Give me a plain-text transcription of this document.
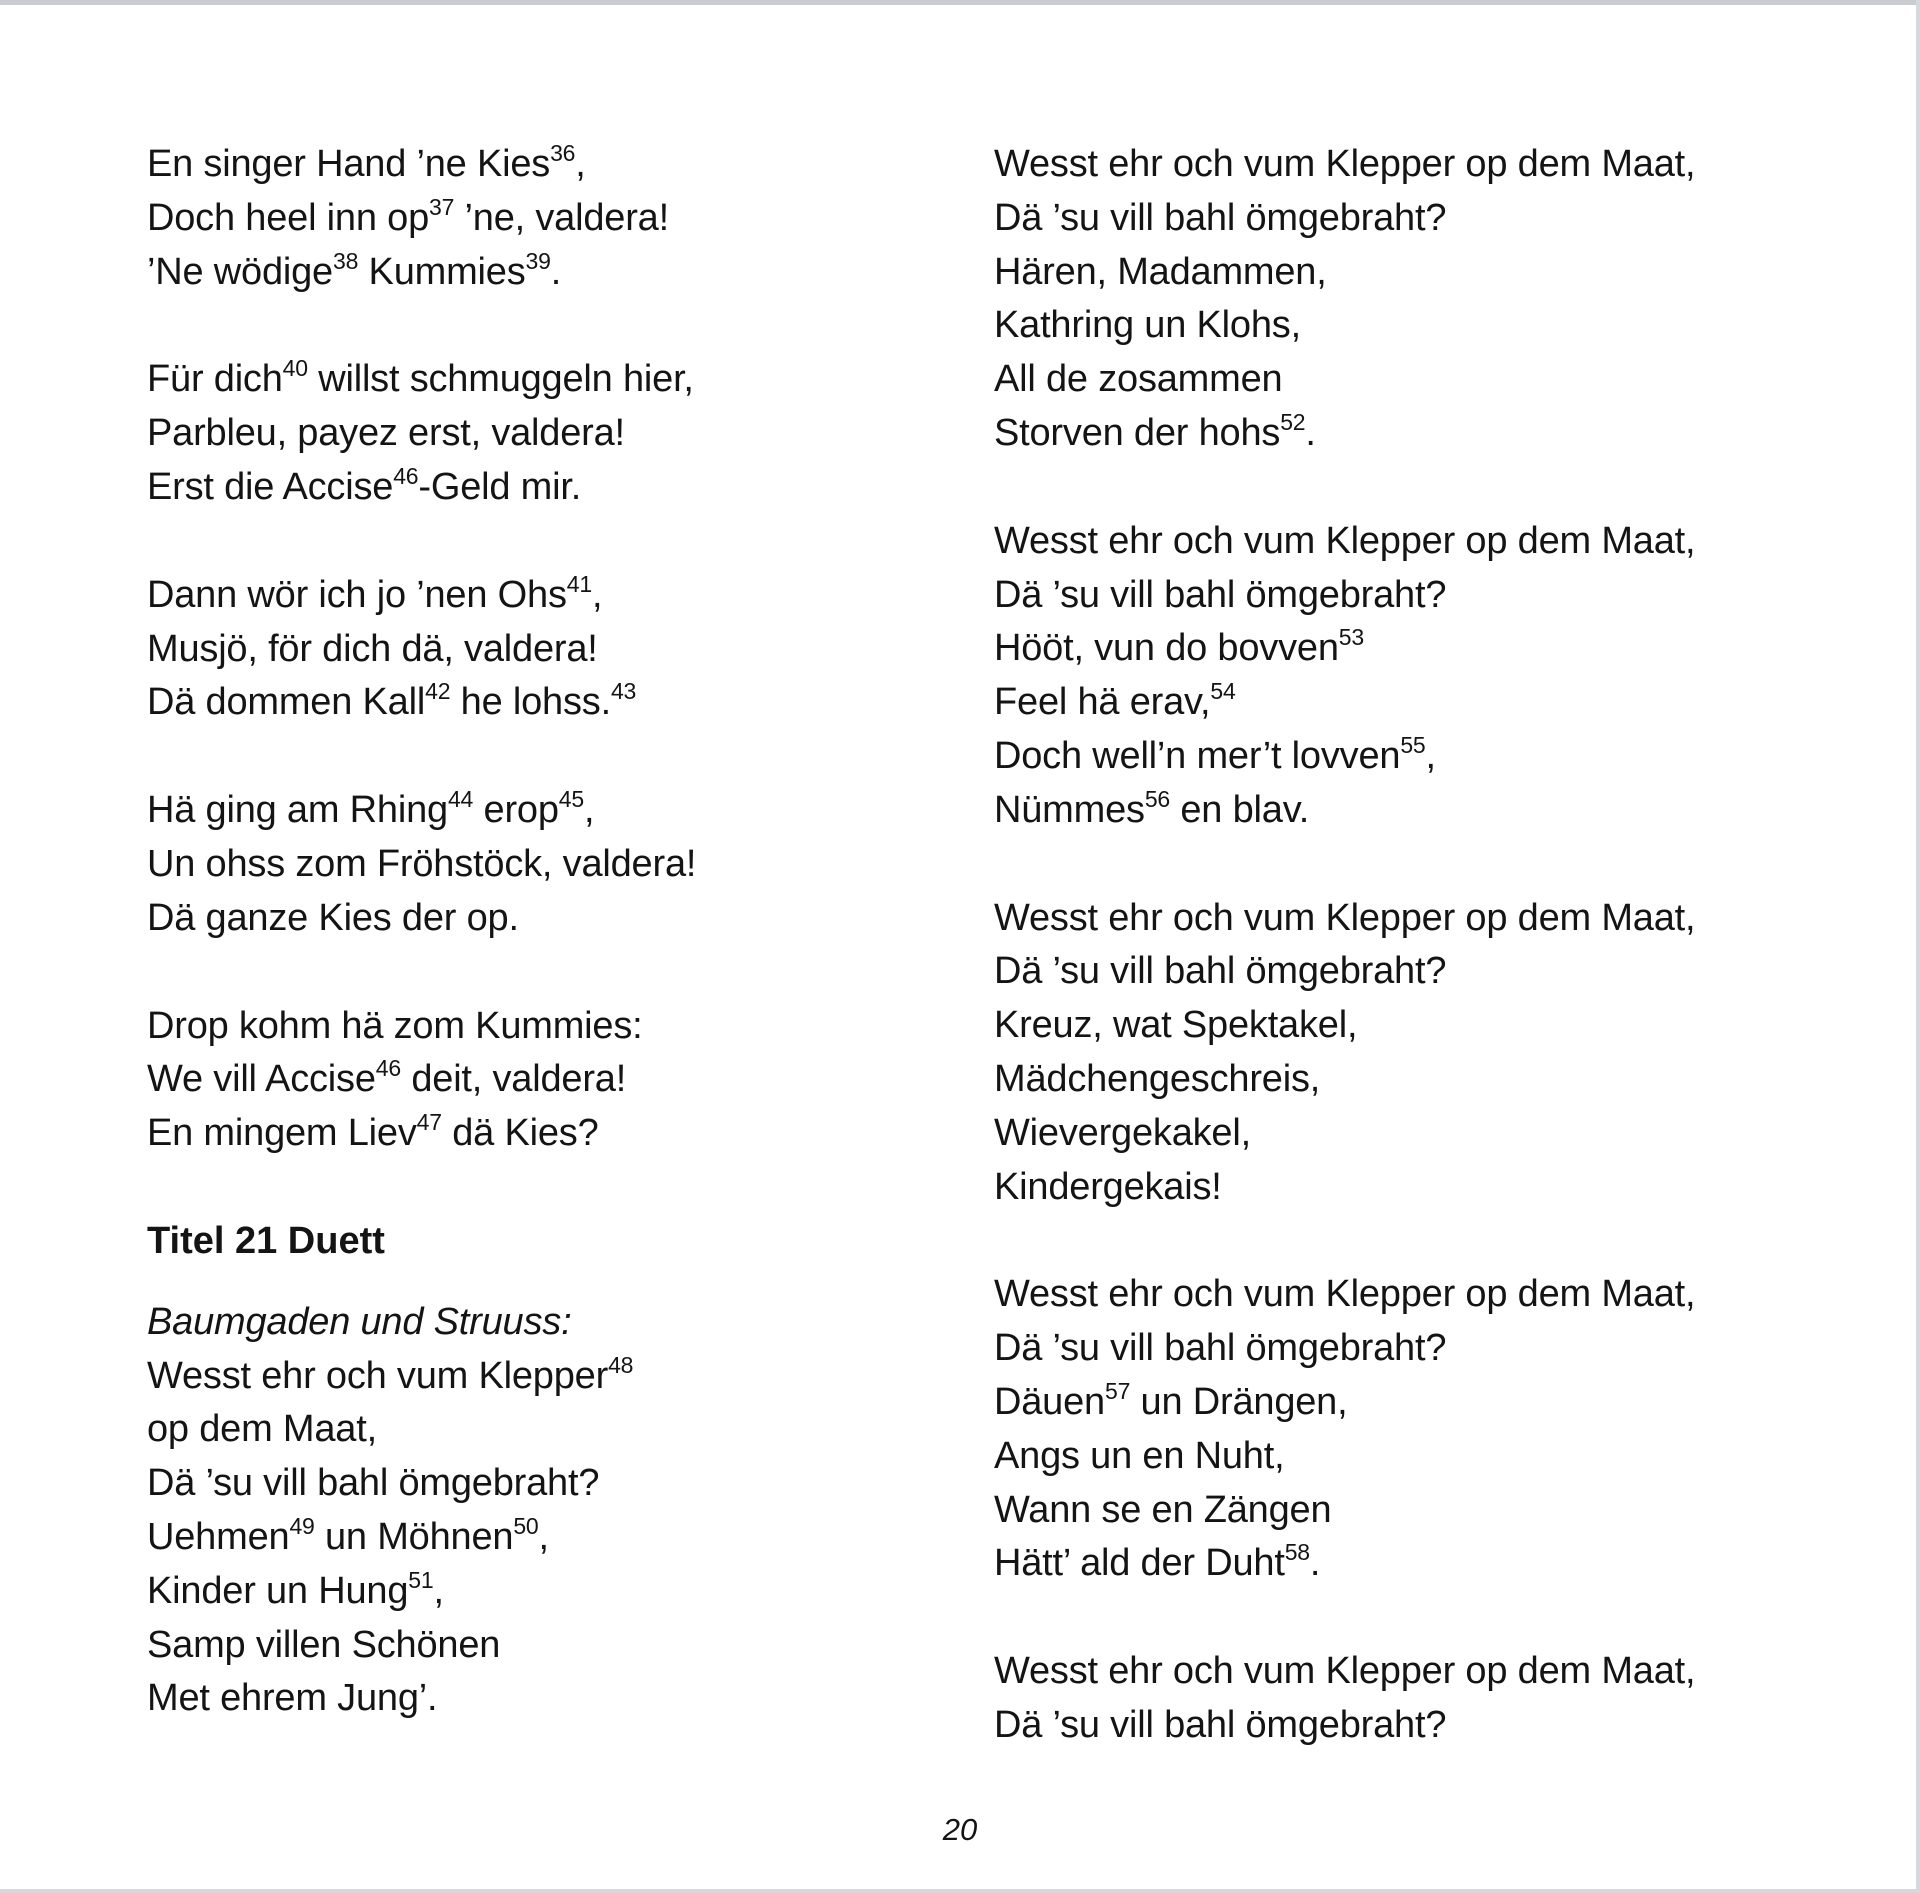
En singer Hand ’ne Kies$^{36}$,
Doch heel inn $op^{37}$ ’ne, valdera!
’Ne wödige$^{38}$ Kummies$^{39}$.
Für dich$^{40}$ willst schmuggeln hier,
Parbleu, payez erst, valdera!
Erst die Accise$^{46}$-Geld mir.
Dann wör ich jo ’nen Ohs$^{41}$,
Musjö, för dich dä, valdera!
Dä dommen Kall$^{42}$ he lohss.$^{43}$
Hä ging am Rhing$^{44}$ erop$^{45}$,
Un ohss zom Fröhstöck, valdera!
Dä ganze Kies der op.
Drop kohm hä zom Kummies:
We vill Accise$^{46}$ deit, valdera!
En mingem Liev$^{47}$ dä Kies?
Titel 21 Duett
Baumgaden und Struuss:
Wesst ehr och vum Klepper$^{48}$
op dem Maat,
Dä ’su vill bahl ömgebraht?
Uehmen$^{49}$ un Möhnen$^{50}$,
Kinder un Hung$^{51}$,
Samp villen Schönen
Met ehrem Jung’.
Wesst ehr och vum Klepper op dem Maat,
Dä ’su vill bahl ömgebraht?
Hären, Madammen,
Kathring un Klohs,
All de zosammen
Storven der hohs$^{52}$.
Wesst ehr och vum Klepper op dem Maat,
Dä ’su vill bahl ömgebraht?
Hööt, vun do bovven$^{53}$
Feel hä erav,$^{54}$
Doch well’n mer’t lovven$^{55}$,
Nümmes$^{56}$ en blav.
Wesst ehr och vum Klepper op dem Maat,
Dä ’su vill bahl ömgebraht?
Kreuz, wat Spektakel,
Mädchengeschreis,
Wievergekakel,
Kindergekais!
Wesst ehr och vum Klepper op dem Maat,
Dä ’su vill bahl ömgebraht?
Däuen$^{57}$ un Drängen,
Angs un en Nuht,
Wann se en Zängen
Hätt’ ald der Duht$^{58}$.
Wesst ehr och vum Klepper op dem Maat,
Dä ’su vill bahl ömgebraht?
20
